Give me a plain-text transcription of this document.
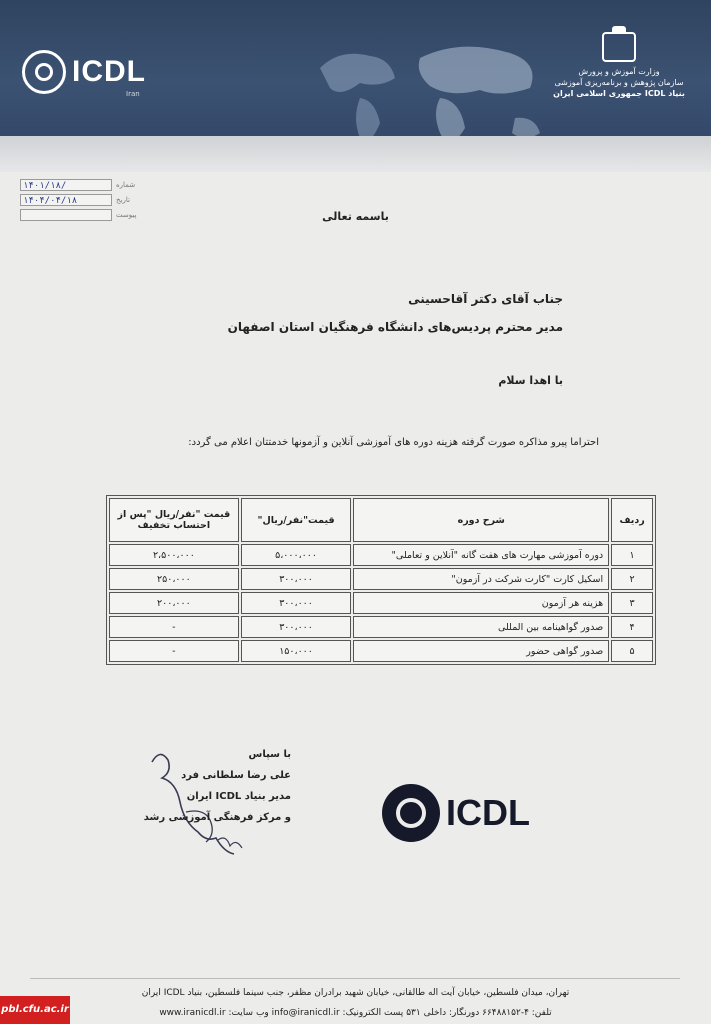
ICDL
Iran
وزارت آموزش و پرورش
سازمان پژوهش و برنامه‌ریزی آموزشی
بنیاد ICDL جمهوری اسلامی ایران
۱۴۰۱/۱۸/	شماره
۱۴۰۴/۰۴/۱۸	تاریخ
پیوست	باسمه تعالی
جناب آقای دکتر آقاحسینی
مدیر محترم پردیس‌های دانشگاه فرهنگیان استان اصفهان
با اهدا سلام
احتراما پیرو مذاکره صورت گرفته هزینه دوره های آموزشی آنلاین و آزمونها خدمتتان اعلام می گردد:
ردیف	شرح دوره	قیمت"نفر/ریال"	قیمت "نفر/ریال "پس از احتساب تخفیف
۱	دوره آموزشی مهارت های هفت گانه "آنلاین و تعاملی"	۵،۰۰۰،۰۰۰	۲،۵۰۰،۰۰۰
۲	اسکیل کارت "کارت شرکت در آزمون"	۳۰۰،۰۰۰	۲۵۰،۰۰۰
۳	هزینه هر آزمون	۳۰۰،۰۰۰	۲۰۰،۰۰۰
۴	صدور گواهینامه بین المللی	۳۰۰،۰۰۰	-
۵	صدور گواهی حضور	۱۵۰،۰۰۰	-
با سپاس
علی رضا سلطانی فرد
مدیر بنیاد ICDL ایران
و مرکز فرهنگی آموزشی رشد	ICDL
تهران، میدان فلسطین، خیابان آیت اله طالقانی، خیابان شهید برادران مظفر، جنب سینما فلسطین، بنیاد ICDL ایران
تلفن: ۴-۶۶۴۸۸۱۵۲ دورنگار: داخلی ۵۳۱ پست الکترونیک: info@iranicdl.ir وب سایت: www.iranicdl.ir
pbl.cfu.ac.ir
